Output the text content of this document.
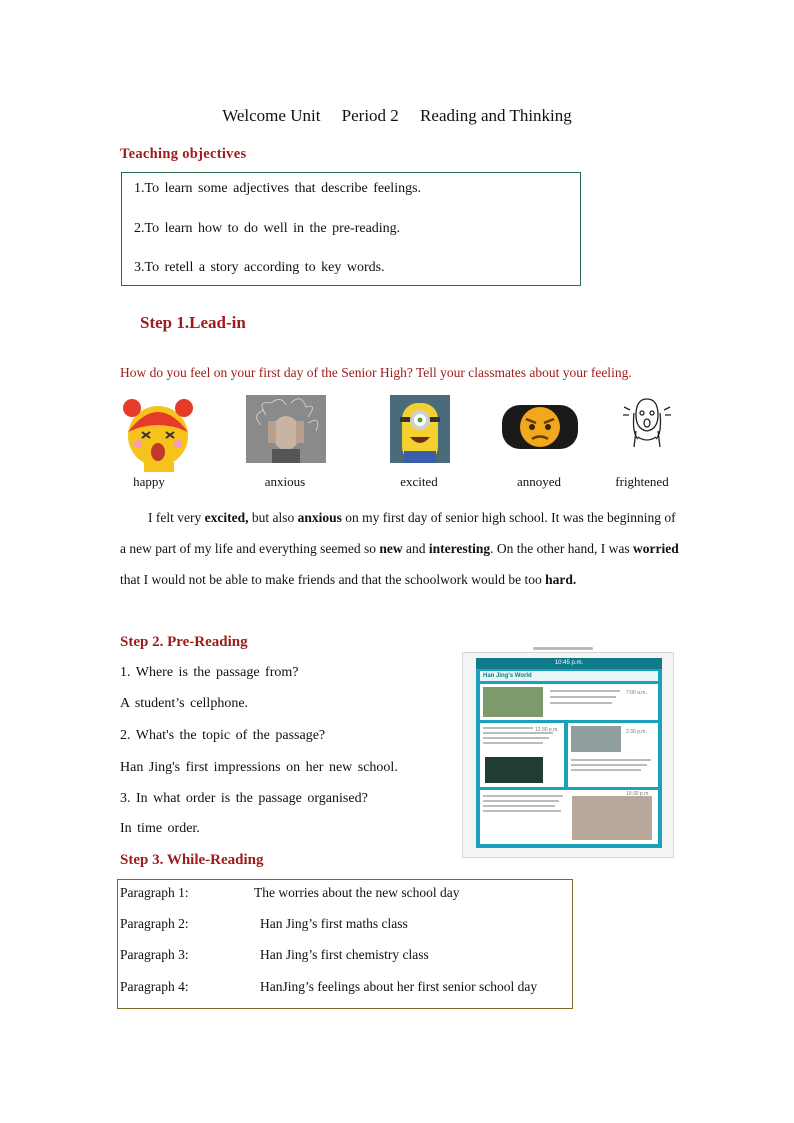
Welcome Unit     Period 2     Reading and Thinking
Teaching objectives
1.To learn some adjectives that describe feelings.
2.To learn how to do well in the pre-reading.
3.To retell a story according to key words.
Step 1.Lead-in
How do you feel on your first day of the Senior High? Tell your classmates about your feeling.
happy	anxious	excited	annoyed	frightened
I felt very excited, but also anxious on my first day of senior high school. It was the beginning of a new part of my life and everything seemed so new and interesting. On the other hand, I was worried that I would not be able to make friends and that the schoolwork would be too hard.
Step 2. Pre-Reading
1. Where is the passage from?
A student’s cellphone.
2. What's the topic of the passage?
Han Jing's first impressions on her new school.
3. In what order is the passage organised?
In time order.
10:45 p.m.
Han Jing's World
7:00 a.m.
12:30 p.m.	2:30 p.m.
10:30 p.m.
Step 3. While-Reading
Paragraph 1:	The worries about the new school day
Paragraph 2:	Han Jing’s first maths class
Paragraph 3:	Han Jing’s first chemistry class
Paragraph 4:	HanJing’s feelings about her first senior school day
